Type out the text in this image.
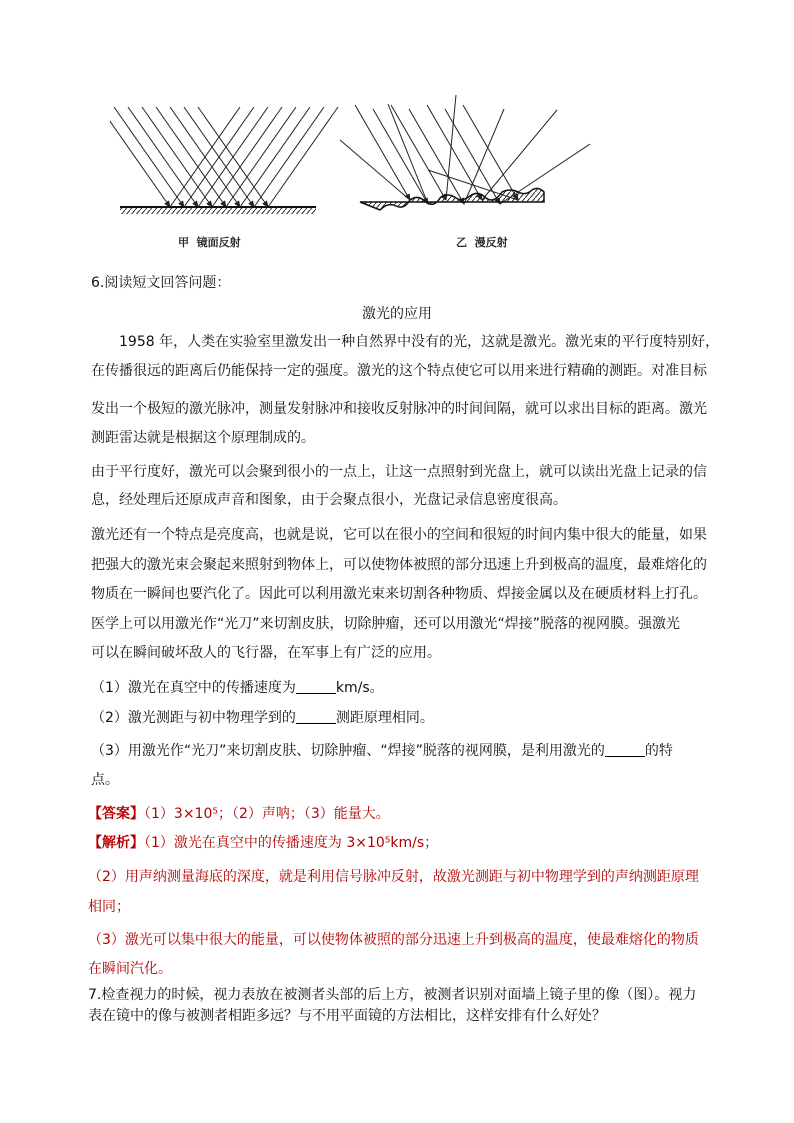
甲  镜面反射	乙  漫反射
6.阅读短文回答问题：
激光的应用
1958 年，人类在实验室里激发出一种自然界中没有的光，这就是激光。激光束的平行度特别好，
在传播很远的距离后仍能保持一定的强度。激光的这个特点使它可以用来进行精确的测距。对准目标
发出一个极短的激光脉冲，测量发射脉冲和接收反射脉冲的时间间隔，就可以求出目标的距离。激光
测距雷达就是根据这个原理制成的。
由于平行度好，激光可以会聚到很小的一点上，让这一点照射到光盘上，就可以读出光盘上记录的信
息，经处理后还原成声音和图象，由于会聚点很小，光盘记录信息密度很高。
激光还有一个特点是亮度高，也就是说，它可以在很小的空间和很短的时间内集中很大的能量，如果
把强大的激光束会聚起来照射到物体上，可以使物体被照的部分迅速上升到极高的温度，最难熔化的
物质在一瞬间也要汽化了。因此可以利用激光束来切割各种物质、焊接金属以及在硬质材料上打孔。
医学上可以用激光作“光刀”来切割皮肤，切除肿瘤，还可以用激光“焊接”脱落的视网膜。强激光
可以在瞬间破坏敌人的飞行器，在军事上有广泛的应用。
（1）激光在真空中的传播速度为	km/s。
（2）激光测距与初中物理学到的	测距原理相同。
（3）用激光作“光刀”来切割皮肤、切除肿瘤、“焊接”脱落的视网膜，是利用激光的	的特
点。
【答案】（1）3×10⁵；（2）声呐；（3）能量大。
【解析】（1）激光在真空中的传播速度为 3×10⁵km/s；
（2）用声纳测量海底的深度，就是利用信号脉冲反射，故激光测距与初中物理学到的声纳测距原理
相同；
（3）激光可以集中很大的能量，可以使物体被照的部分迅速上升到极高的温度，使最难熔化的物质
在瞬间汽化。
7.检查视力的时候，视力表放在被测者头部的后上方，被测者识别对面墙上镜子里的像（图）。视力
表在镜中的像与被测者相距多远？与不用平面镜的方法相比，这样安排有什么好处？
